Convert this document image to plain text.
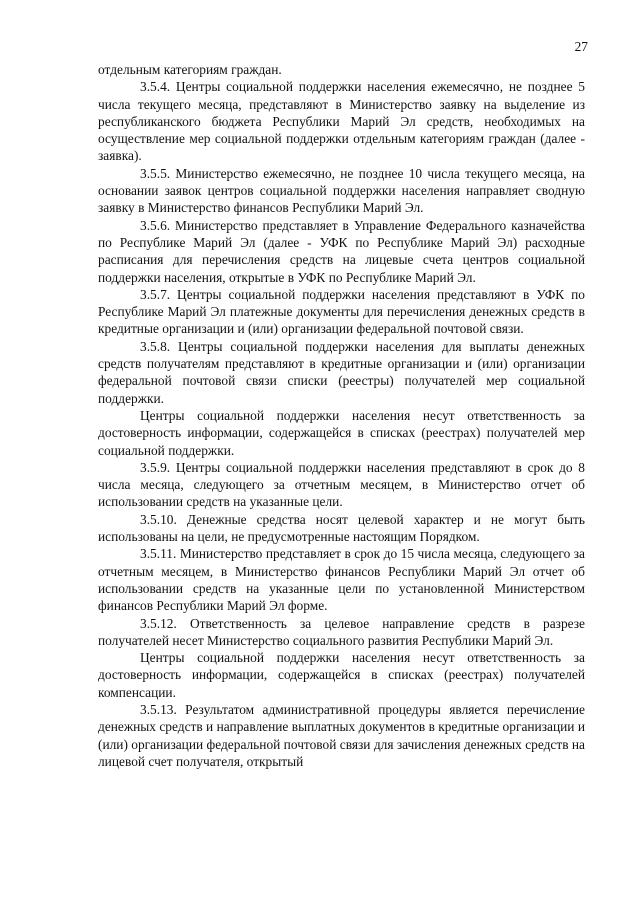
27

отдельным категориям граждан.

3.5.4. Центры социальной поддержки населения ежемесячно, не позднее 5 числа текущего месяца, представляют в Министерство заявку на выделение из республиканского бюджета Республики Марий Эл средств, необходимых на осуществление мер социальной поддержки отдельным категориям граждан (далее - заявка).

3.5.5. Министерство ежемесячно, не позднее 10 числа текущего месяца, на основании заявок центров социальной поддержки населения направляет сводную заявку в Министерство финансов Республики Марий Эл.

3.5.6. Министерство представляет в Управление Федерального казначейства по Республике Марий Эл (далее - УФК по Республике Марий Эл) расходные расписания для перечисления средств на лицевые счета центров социальной поддержки населения, открытые в УФК по Республике Марий Эл.

3.5.7. Центры социальной поддержки населения представляют в УФК по Республике Марий Эл платежные документы для перечисления денежных средств в кредитные организации и (или) организации федеральной почтовой связи.

3.5.8. Центры социальной поддержки населения для выплаты денежных средств получателям представляют в кредитные организации и (или) организации федеральной почтовой связи списки (реестры) получателей мер социальной поддержки.

Центры социальной поддержки населения несут ответственность за достоверность информации, содержащейся в списках (реестрах) получателей мер социальной поддержки.

3.5.9. Центры социальной поддержки населения представляют в срок до 8 числа месяца, следующего за отчетным месяцем, в Министерство отчет об использовании средств на указанные цели.

3.5.10. Денежные средства носят целевой характер и не могут быть использованы на цели, не предусмотренные настоящим Порядком.

3.5.11. Министерство представляет в срок до 15 числа месяца, следующего за отчетным месяцем, в Министерство финансов Республики Марий Эл отчет об использовании средств на указанные цели по установленной Министерством финансов Республики Марий Эл форме.

3.5.12. Ответственность за целевое направление средств в разрезе получателей несет Министерство социального развития Республики Марий Эл.

Центры социальной поддержки населения несут ответственность за достоверность информации, содержащейся в списках (реестрах) получателей компенсации.

3.5.13. Результатом административной процедуры является перечисление денежных средств и направление выплатных документов в кредитные организации и (или) организации федеральной почтовой связи для зачисления денежных средств на лицевой счет получателя, открытый
